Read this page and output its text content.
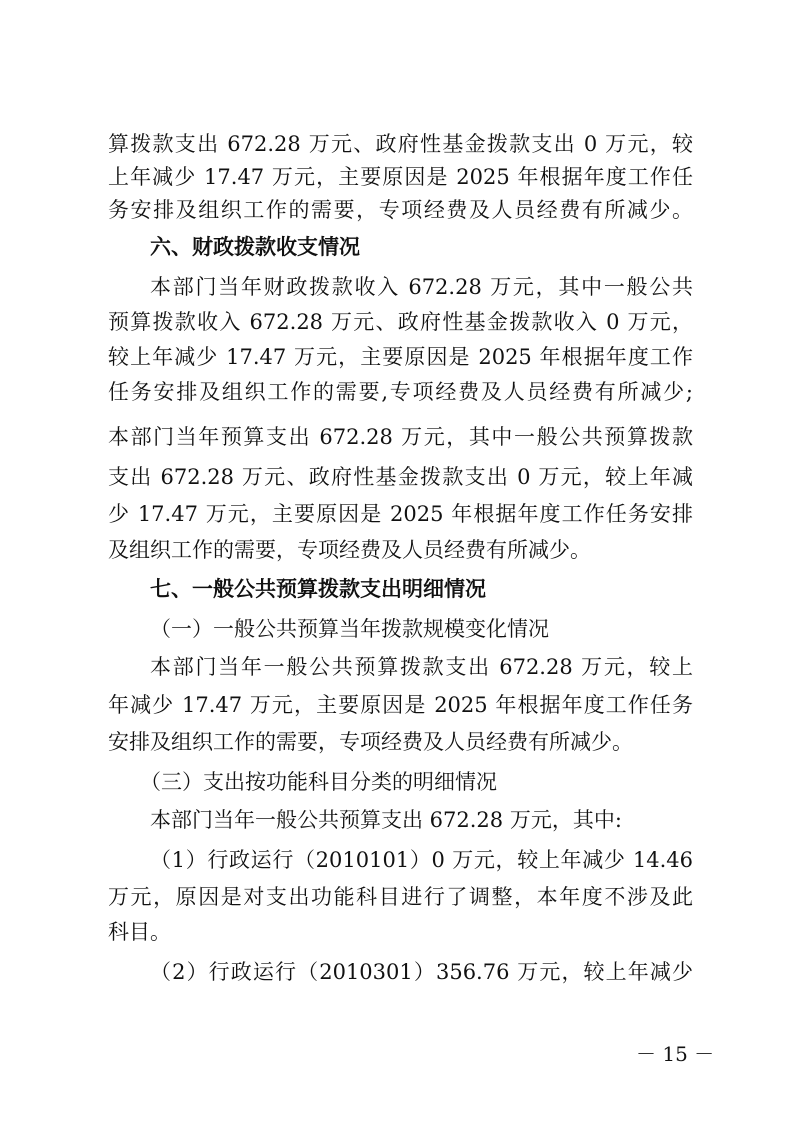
算拨款支出 672.28 万元、政府性基金拨款支出 0 万元，较
上年减少 17.47 万元，主要原因是 2025 年根据年度工作任
务安排及组织工作的需要，专项经费及人员经费有所减少。
六、财政拨款收支情况
本部门当年财政拨款收入 672.28 万元，其中一般公共
预算拨款收入 672.28 万元、政府性基金拨款收入 0 万元，
较上年减少 17.47 万元，主要原因是 2025 年根据年度工作
任务安排及组织工作的需要,专项经费及人员经费有所减少;
本部门当年预算支出 672.28 万元，其中一般公共预算拨款
支出 672.28 万元、政府性基金拨款支出 0 万元，较上年减
少 17.47 万元，主要原因是 2025 年根据年度工作任务安排
及组织工作的需要，专项经费及人员经费有所减少。
七、一般公共预算拨款支出明细情况
（一）一般公共预算当年拨款规模变化情况
本部门当年一般公共预算拨款支出 672.28 万元，较上
年减少 17.47 万元，主要原因是 2025 年根据年度工作任务
安排及组织工作的需要，专项经费及人员经费有所减少。
（三）支出按功能科目分类的明细情况
本部门当年一般公共预算支出 672.28 万元，其中:
（1）行政运行（2010101）0 万元，较上年减少 14.46
万元，原因是对支出功能科目进行了调整，本年度不涉及此
科目。
（2）行政运行（2010301）356.76 万元，较上年减少
－ 15 －
